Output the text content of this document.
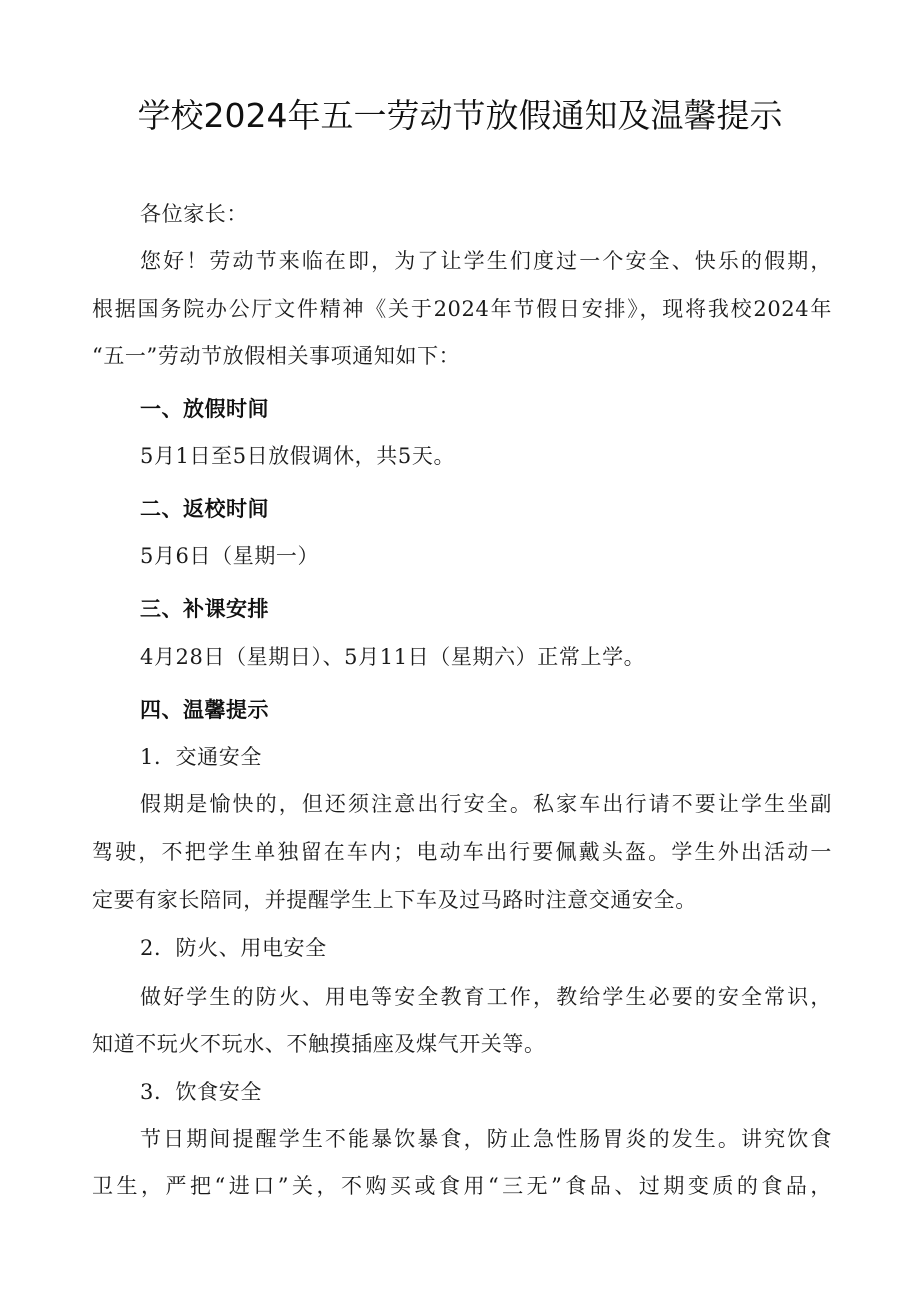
学校2024年五一劳动节放假通知及温馨提示
各位家长：
您好！劳动节来临在即，为了让学生们度过一个安全、快乐的假期，
根据国务院办公厅文件精神《关于2024年节假日安排》，现将我校2024年
“五一”劳动节放假相关事项通知如下：
一、放假时间
5月1日至5日放假调休，共5天。
二、返校时间
5月6日（星期一）
三、补课安排
4月28日（星期日）、5月11日（星期六）正常上学。
四、温馨提示
1．交通安全
假期是愉快的，但还须注意出行安全。私家车出行请不要让学生坐副
驾驶，不把学生单独留在车内；电动车出行要佩戴头盔。学生外出活动一
定要有家长陪同，并提醒学生上下车及过马路时注意交通安全。
2．防火、用电安全
做好学生的防火、用电等安全教育工作，教给学生必要的安全常识，
知道不玩火不玩水、不触摸插座及煤气开关等。
3．饮食安全
节日期间提醒学生不能暴饮暴食，防止急性肠胃炎的发生。讲究饮食
卫生，严把“进口”关，不购买或食用“三无”食品、过期变质的食品，
